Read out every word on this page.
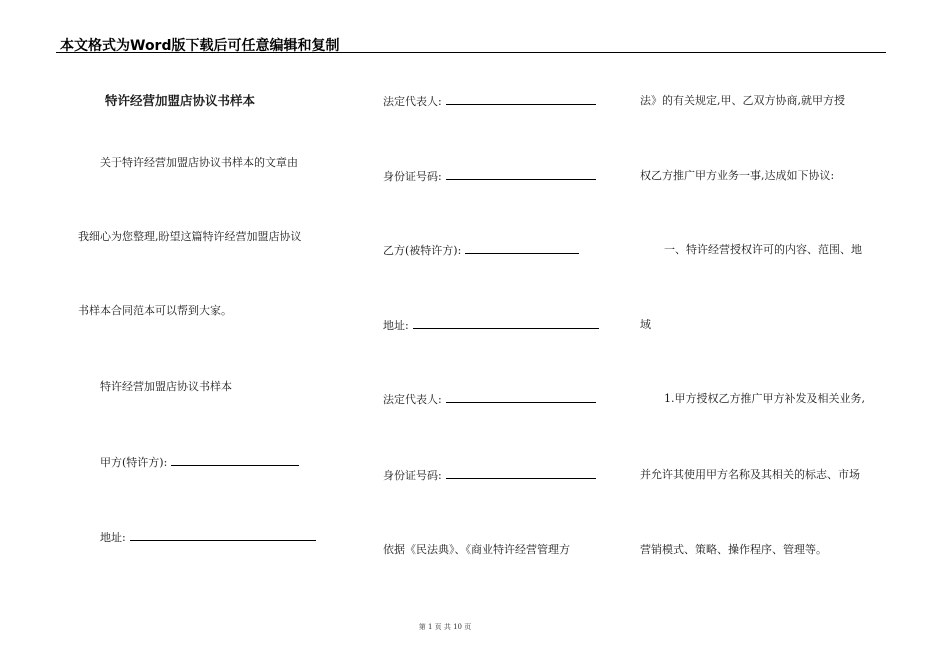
本文格式为Word版下载后可任意编辑和复制
特许经营加盟店协议书样本
关于特许经营加盟店协议书样本的文章由
我细心为您整理,盼望这篇特许经营加盟店协议
书样本合同范本可以帮到大家。
特许经营加盟店协议书样本
甲方(特许方):
地址:
法定代表人:
身份证号码:
乙方(被特许方):
地址:
法定代表人:
身份证号码:
依据《民法典》、《商业特许经营管理方
法》的有关规定,甲、乙双方协商,就甲方授
权乙方推广甲方业务一事,达成如下协议:
一、特许经营授权许可的内容、范围、地
域
1.甲方授权乙方推广甲方补发及相关业务,
并允许其使用甲方名称及其相关的标志、市场
营销模式、策略、操作程序、管理等。
第 1 页 共 10 页
